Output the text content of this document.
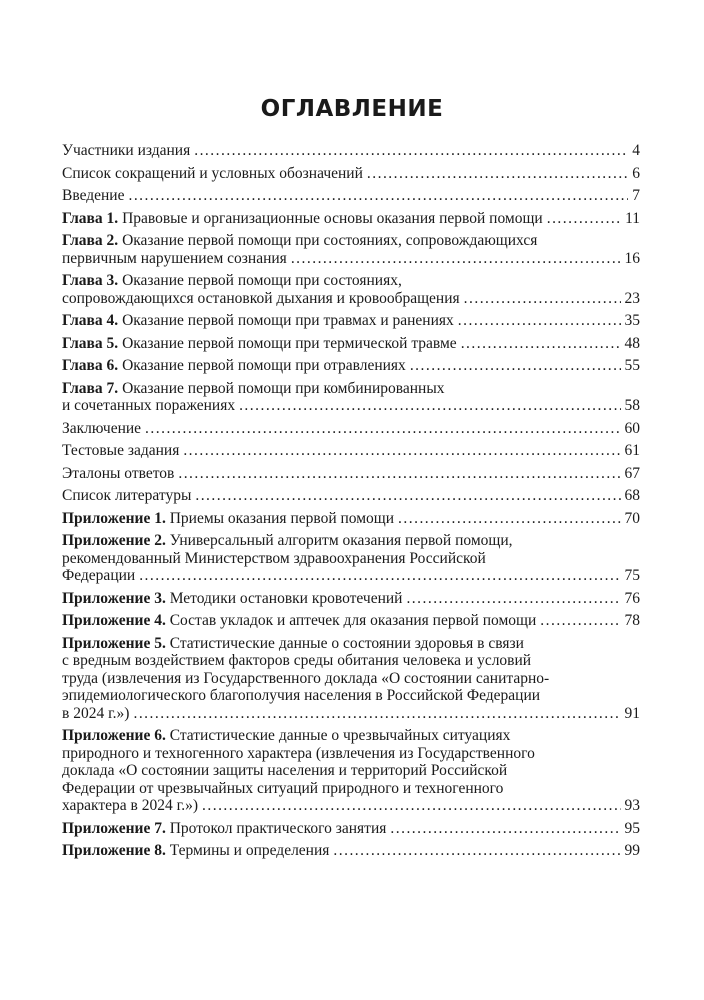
ОГЛАВЛЕНИЕ
Участники издания . . .	4
Список сокращений и условных обозначений . . .	6
Введение . . .	7
Глава 1. Правовые и организационные основы оказания первой помощи . . .	11
Глава 2. Оказание первой помощи при состояниях, сопровождающихся
первичным нарушением сознания . . .	16
Глава 3. Оказание первой помощи при состояниях,
сопровождающихся остановкой дыхания и кровообращения . . .	23
Глава 4. Оказание первой помощи при травмах и ранениях . . .	35
Глава 5. Оказание первой помощи при термической травме . . .	48
Глава 6. Оказание первой помощи при отравлениях . . .	55
Глава 7. Оказание первой помощи при комбинированных
и сочетанных поражениях . . .	58
Заключение . . .	60
Тестовые задания . . .	61
Эталоны ответов . . .	67
Список литературы . . .	68
Приложение 1. Приемы оказания первой помощи . . .	70
Приложение 2. Универсальный алгоритм оказания первой помощи,
рекомендованный Министерством здравоохранения Российской
Федерации . . .	75
Приложение 3. Методики остановки кровотечений . . .	76
Приложение 4. Состав укладок и аптечек для оказания первой помощи . . .	78
Приложение 5. Статистические данные о состоянии здоровья в связи
с вредным воздействием факторов среды обитания человека и условий
труда (извлечения из Государственного доклада «О состоянии санитарно-
эпидемиологического благополучия населения в Российской Федерации
в 2024 г.») . . .	91
Приложение 6. Статистические данные о чрезвычайных ситуациях
природного и техногенного характера (извлечения из Государственного
доклада «О состоянии защиты населения и территорий Российской
Федерации от чрезвычайных ситуаций природного и техногенного
характера в 2024 г.») . . .	93
Приложение 7. Протокол практического занятия . . .	95
Приложение 8. Термины и определения . . .	99
